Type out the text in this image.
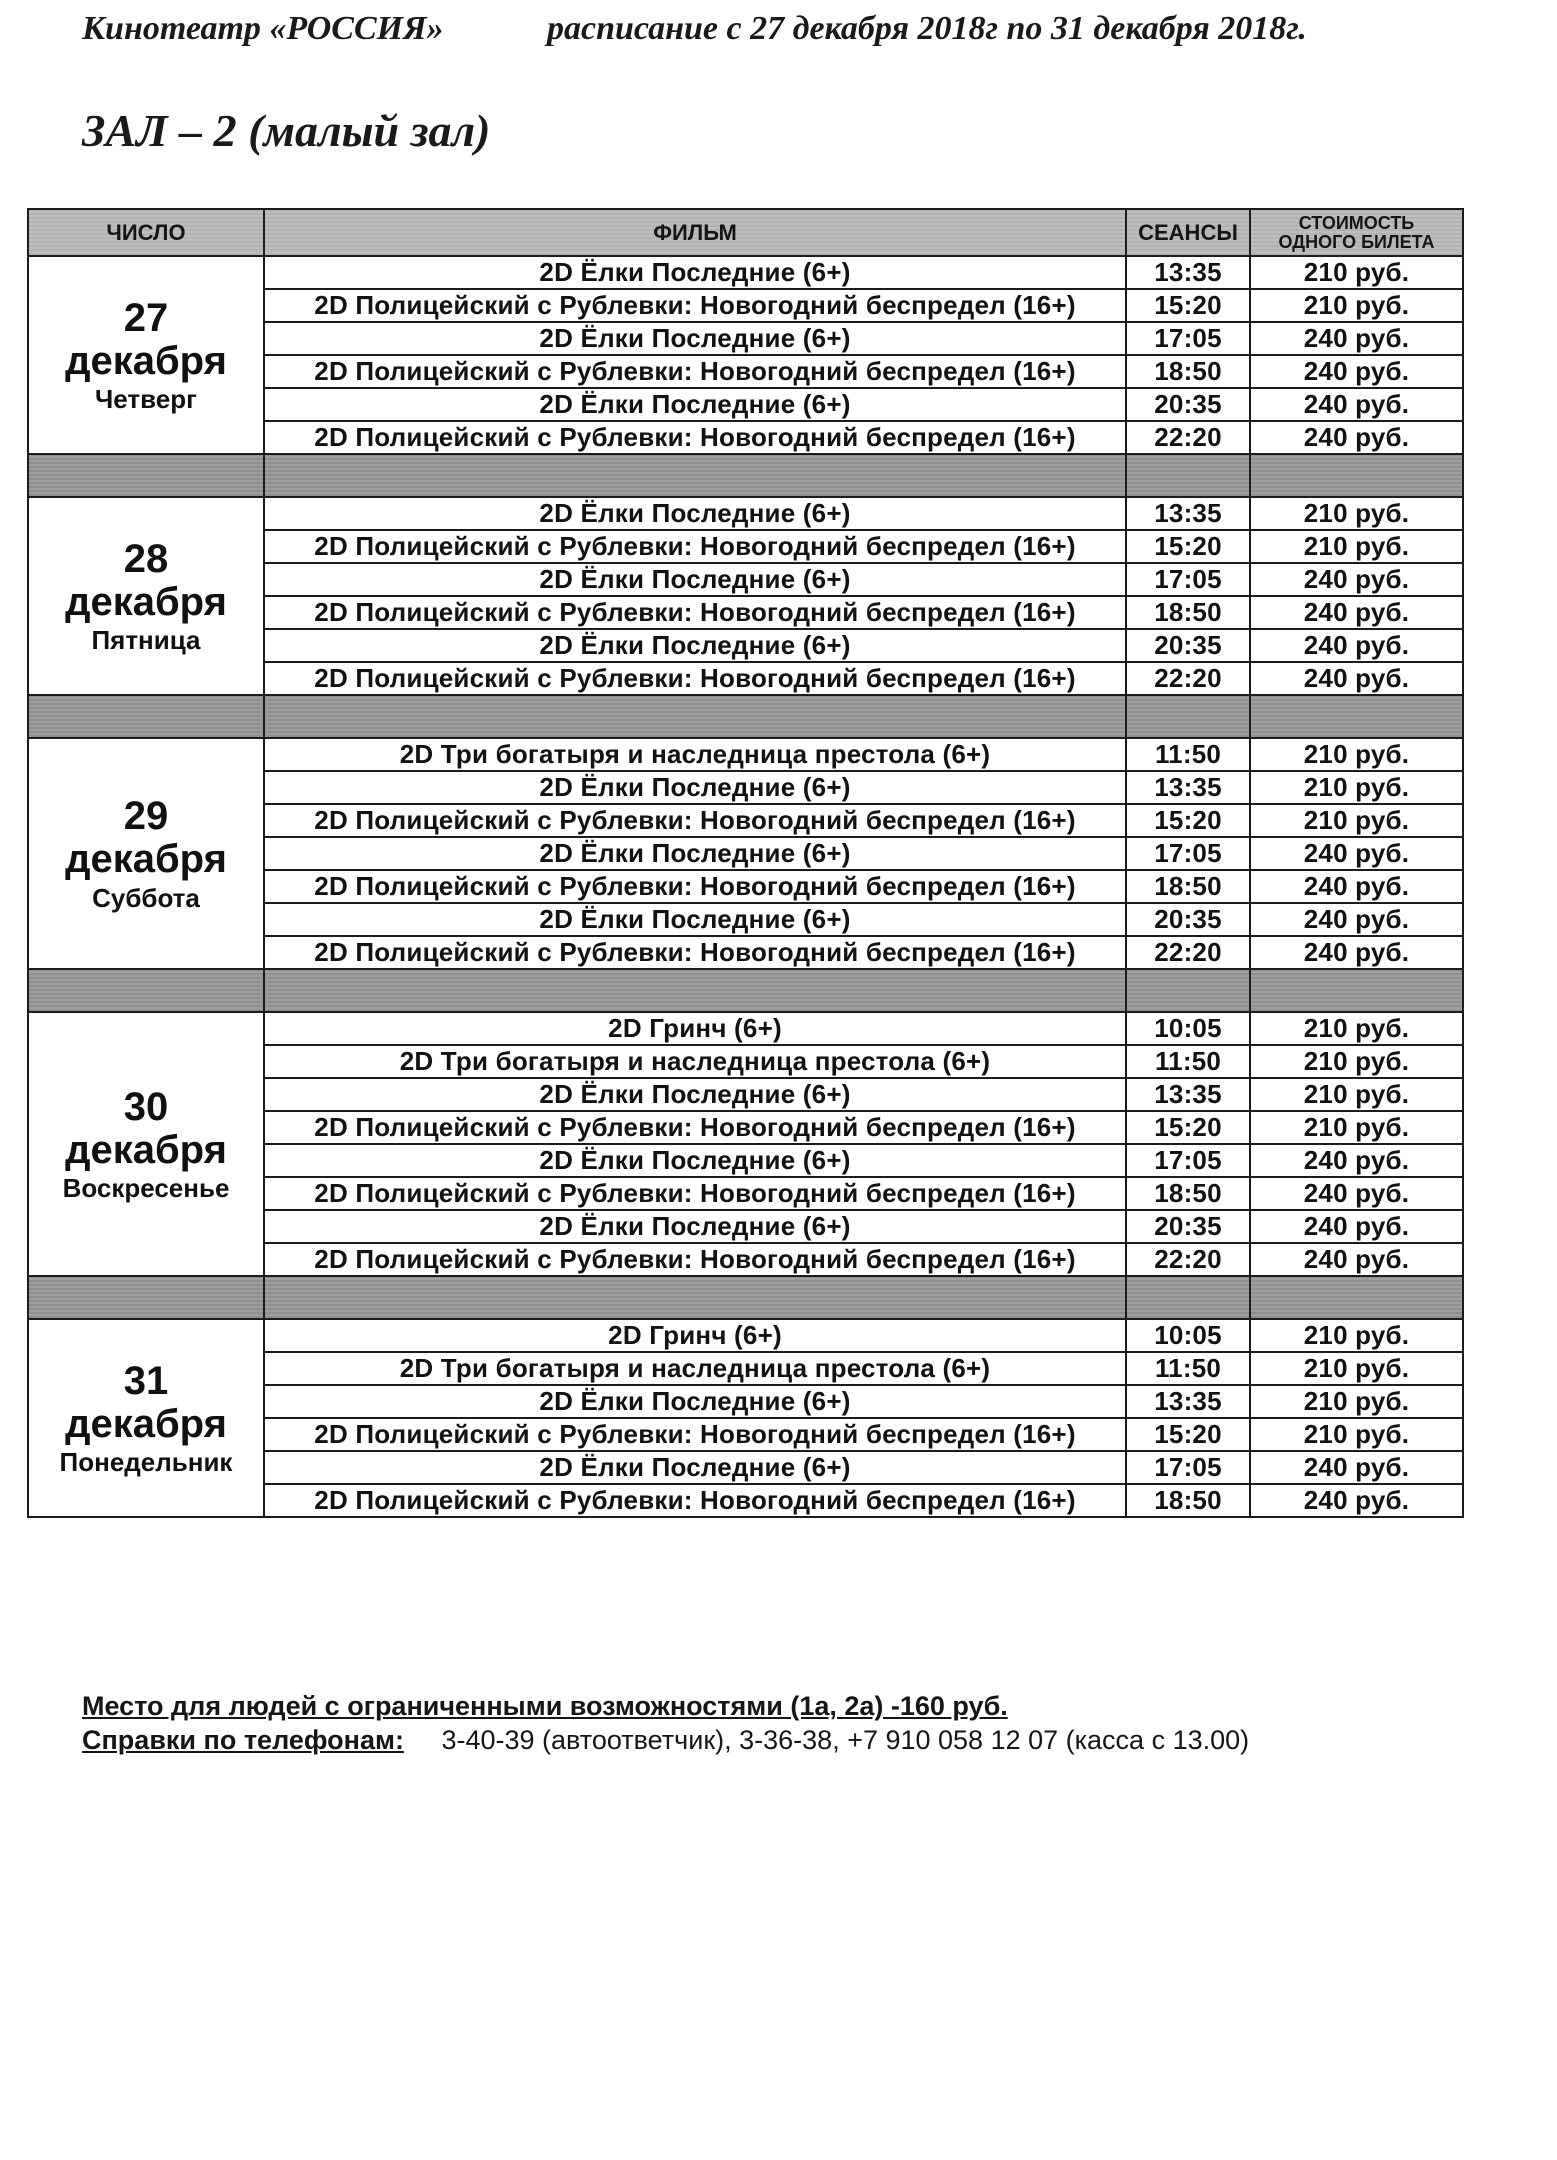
Кинотеатр «РОССИЯ»	расписание с 27 декабря 2018г по 31 декабря 2018г.
ЗАЛ – 2 (малый зал)
ЧИСЛО	ФИЛЬМ	СЕАНСЫ	СТОИМОСТЬ
ОДНОГО БИЛЕТА

27
декабря
Четверг	2D Ёлки Последние (6+)	13:35	210 руб.
	2D Полицейский с Рублевки: Новогодний беспредел (16+)	15:20	210 руб.
	2D Ёлки Последние (6+)	17:05	240 руб.
	2D Полицейский с Рублевки: Новогодний беспредел (16+)	18:50	240 руб.
	2D Ёлки Последние (6+)	20:35	240 руб.
	2D Полицейский с Рублевки: Новогодний беспредел (16+)	22:20	240 руб.

28
декабря
Пятница	2D Ёлки Последние (6+)	13:35	210 руб.
	2D Полицейский с Рублевки: Новогодний беспредел (16+)	15:20	210 руб.
	2D Ёлки Последние (6+)	17:05	240 руб.
	2D Полицейский с Рублевки: Новогодний беспредел (16+)	18:50	240 руб.
	2D Ёлки Последние (6+)	20:35	240 руб.
	2D Полицейский с Рублевки: Новогодний беспредел (16+)	22:20	240 руб.

29
декабря
Суббота	2D Три богатыря и наследница престола (6+)	11:50	210 руб.
	2D Ёлки Последние (6+)	13:35	210 руб.
	2D Полицейский с Рублевки: Новогодний беспредел (16+)	15:20	210 руб.
	2D Ёлки Последние (6+)	17:05	240 руб.
	2D Полицейский с Рублевки: Новогодний беспредел (16+)	18:50	240 руб.
	2D Ёлки Последние (6+)	20:35	240 руб.
	2D Полицейский с Рублевки: Новогодний беспредел (16+)	22:20	240 руб.

30
декабря
Воскресенье	2D Гринч (6+)	10:05	210 руб.
	2D Три богатыря и наследница престола (6+)	11:50	210 руб.
	2D Ёлки Последние (6+)	13:35	210 руб.
	2D Полицейский с Рублевки: Новогодний беспредел (16+)	15:20	210 руб.
	2D Ёлки Последние (6+)	17:05	240 руб.
	2D Полицейский с Рублевки: Новогодний беспредел (16+)	18:50	240 руб.
	2D Ёлки Последние (6+)	20:35	240 руб.
	2D Полицейский с Рублевки: Новогодний беспредел (16+)	22:20	240 руб.

31
декабря
Понедельник	2D Гринч (6+)	10:05	210 руб.
	2D Три богатыря и наследница престола (6+)	11:50	210 руб.
	2D Ёлки Последние (6+)	13:35	210 руб.
	2D Полицейский с Рублевки: Новогодний беспредел (16+)	15:20	210 руб.
	2D Ёлки Последние (6+)	17:05	240 руб.
	2D Полицейский с Рублевки: Новогодний беспредел (16+)	18:50	240 руб.
Место для людей с ограниченными возможностями (1а, 2а) -160 руб.
Справки по телефонам: 3-40-39 (автоответчик), 3-36-38, +7 910 058 12 07 (касса с 13.00)
